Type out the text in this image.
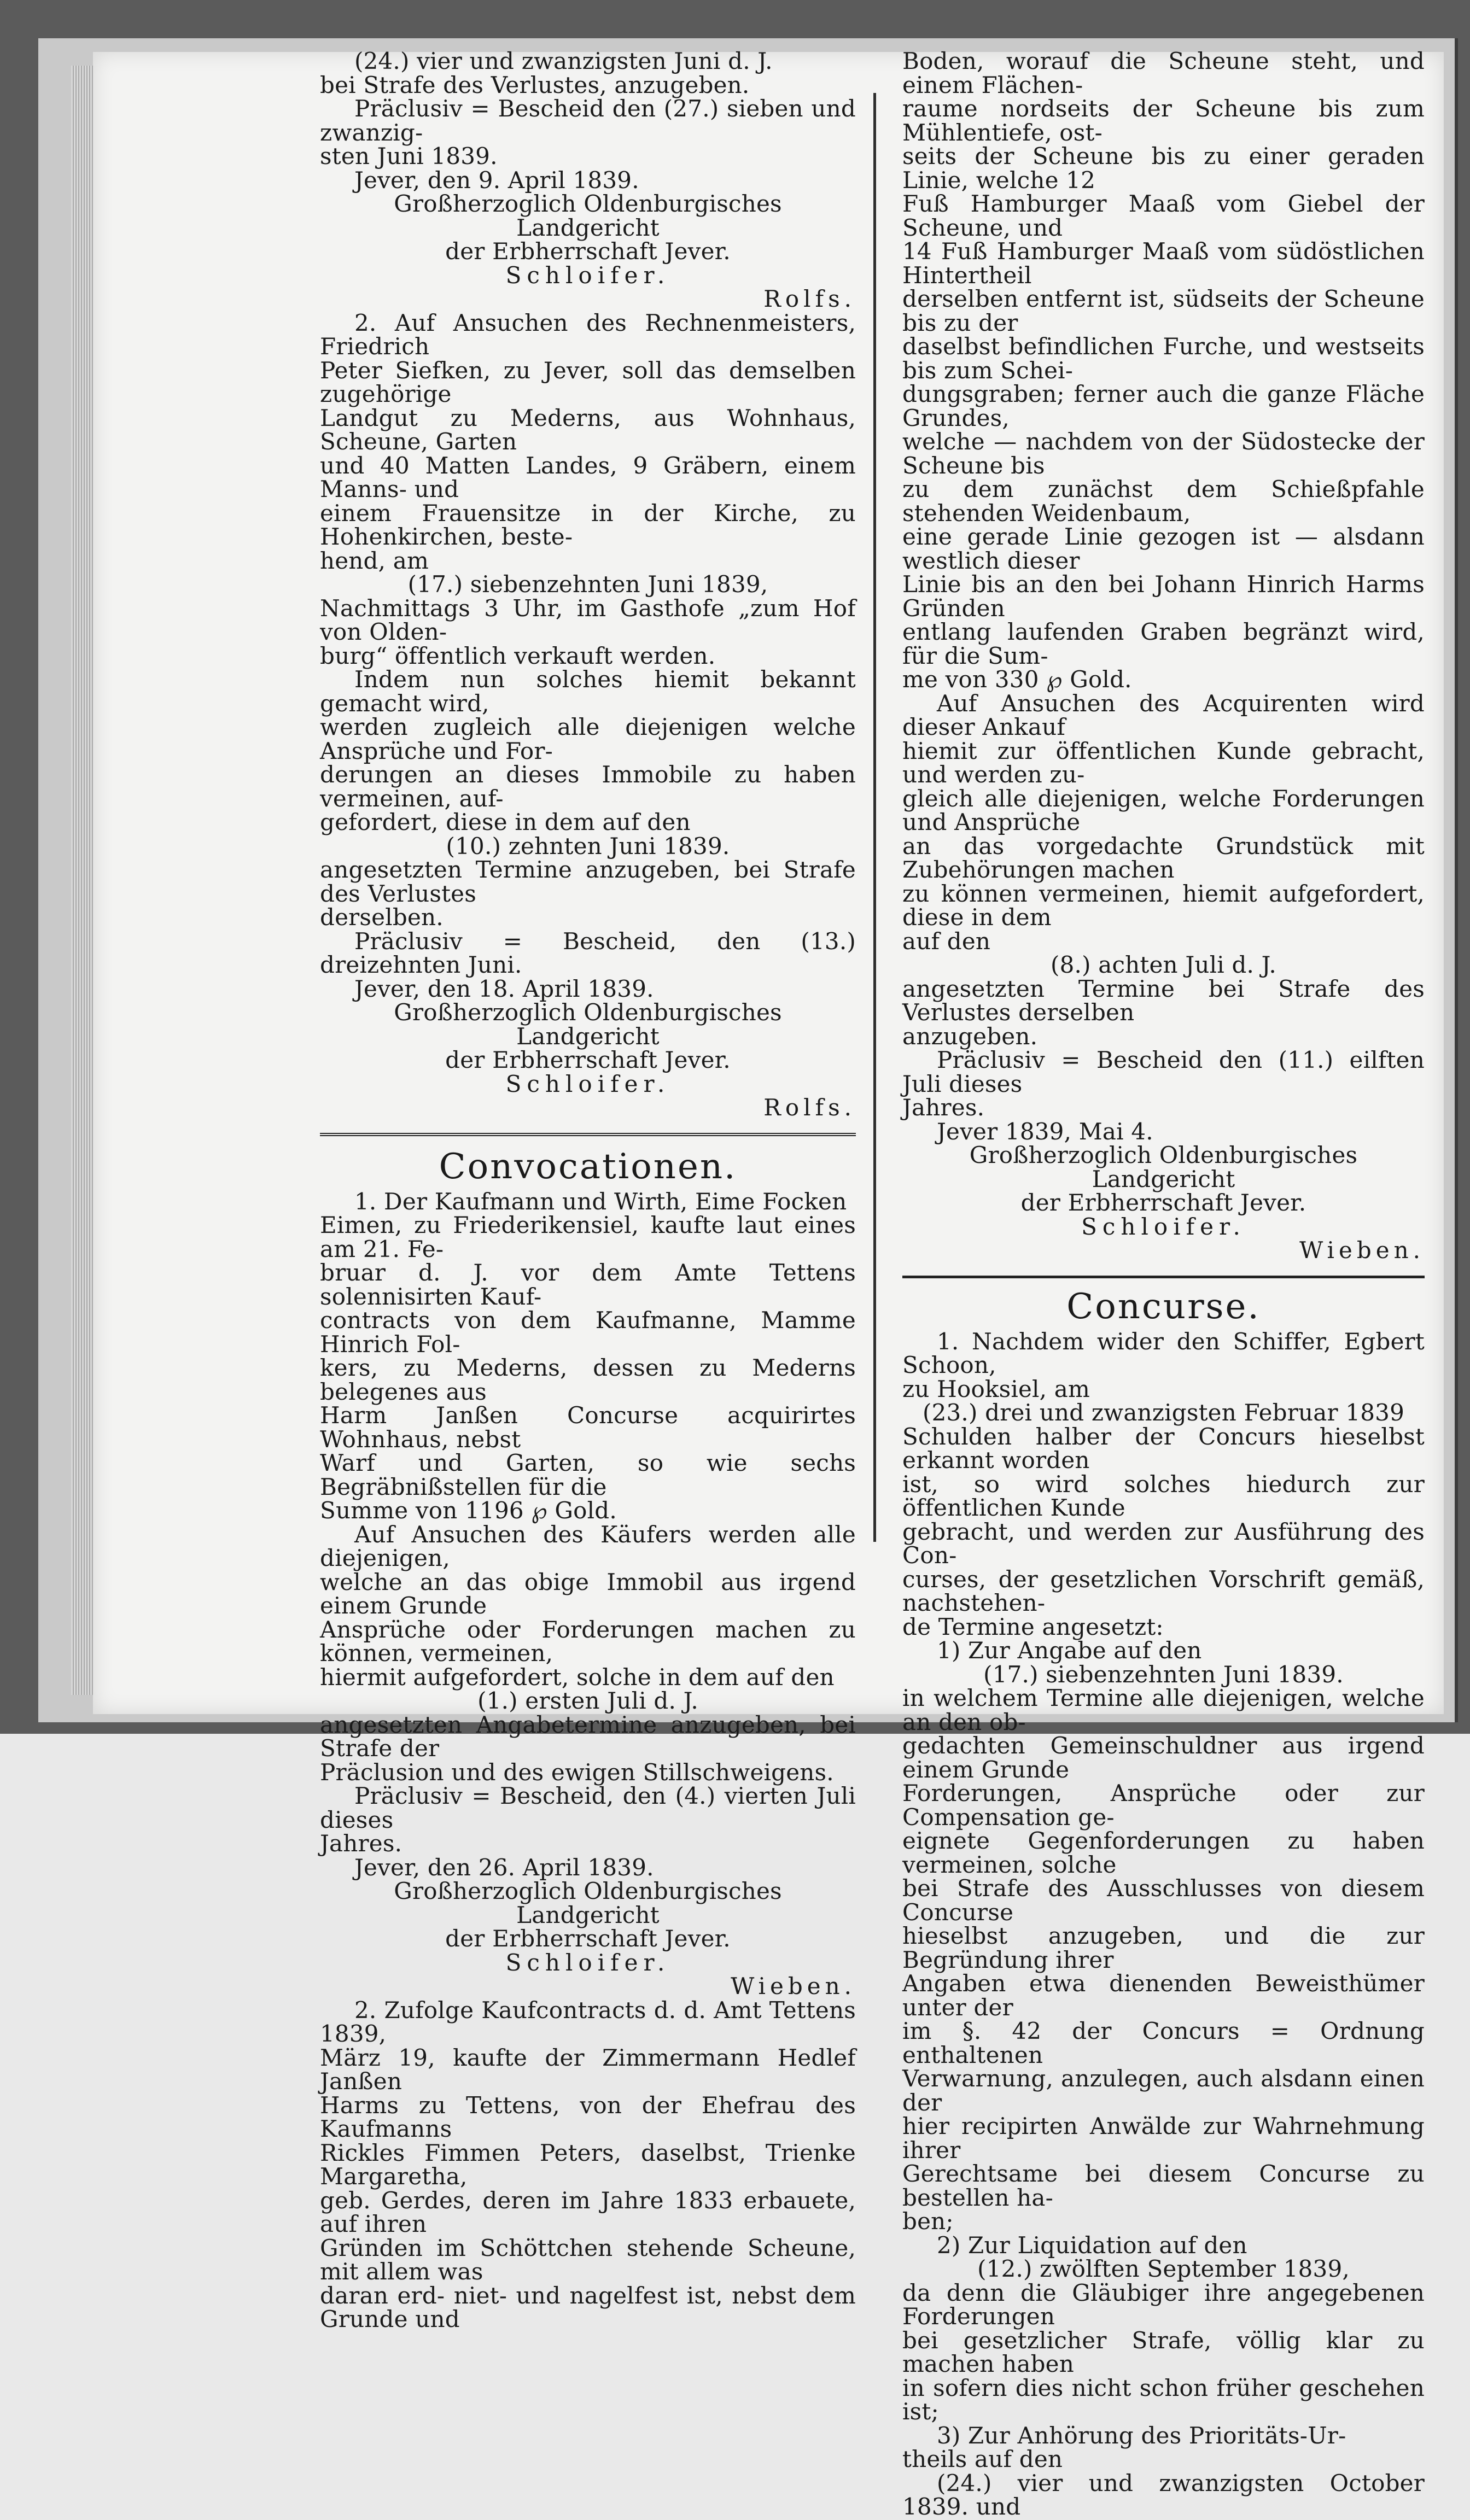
(24.) vier und zwanzigsten Juni d. J.

bei Strafe des Verlustes, anzugeben.

Präclusiv = Bescheid den (27.) sieben und zwanzig-

sten Juni 1839.

Jever, den 9. April 1839.

Großherzoglich Oldenburgisches Landgericht

der Erbherrschaft Jever.

Schloifer.

Rolfs.

2. Auf Ansuchen des Rechnenmeisters, Friedrich

Peter Siefken, zu Jever, soll das demselben zugehörige

Landgut zu Mederns, aus Wohnhaus, Scheune, Garten

und 40 Matten Landes, 9 Gräbern, einem Manns- und

einem Frauensitze in der Kirche, zu Hohenkirchen, beste-

hend, am

(17.) siebenzehnten Juni 1839,

Nachmittags 3 Uhr, im Gasthofe „zum Hof von Olden-

burg“ öffentlich verkauft werden.

Indem nun solches hiemit bekannt gemacht wird,

werden zugleich alle diejenigen welche Ansprüche und For-

derungen an dieses Immobile zu haben vermeinen, auf-

gefordert, diese in dem auf den

(10.) zehnten Juni 1839.

angesetzten Termine anzugeben, bei Strafe des Verlustes

derselben.

Präclusiv = Bescheid, den (13.) dreizehnten Juni.

Jever, den 18. April 1839.

Großherzoglich Oldenburgisches Landgericht

der Erbherrschaft Jever.

Schloifer.

Rolfs.

Convocationen.

1. Der Kaufmann und Wirth, Eime Focken

Eimen, zu Friederikensiel, kaufte laut eines am 21. Fe-

bruar d. J. vor dem Amte Tettens solennisirten Kauf-

contracts von dem Kaufmanne, Mamme Hinrich Fol-

kers, zu Mederns, dessen zu Mederns belegenes aus

Harm Janßen Concurse acquirirtes Wohnhaus, nebst

Warf und Garten, so wie sechs Begräbnißstellen für die

Summe von 1196 ℘ Gold.

Auf Ansuchen des Käufers werden alle diejenigen,

welche an das obige Immobil aus irgend einem Grunde

Ansprüche oder Forderungen machen zu können, vermeinen,

hiermit aufgefordert, solche in dem auf den

(1.) ersten Juli d. J.

angesetzten Angabetermine anzugeben, bei Strafe der

Präclusion und des ewigen Stillschweigens.

Präclusiv = Bescheid, den (4.) vierten Juli dieses

Jahres.

Jever, den 26. April 1839.

Großherzoglich Oldenburgisches Landgericht

der Erbherrschaft Jever.

Schloifer.

Wieben.

2. Zufolge Kaufcontracts d. d. Amt Tettens 1839,

März 19, kaufte der Zimmermann Hedlef Janßen

Harms zu Tettens, von der Ehefrau des Kaufmanns

Rickles Fimmen Peters, daselbst, Trienke Margaretha,

geb. Gerdes, deren im Jahre 1833 erbauete, auf ihren

Gründen im Schöttchen stehende Scheune, mit allem was

daran erd- niet- und nagelfest ist, nebst dem Grunde und

Boden, worauf die Scheune steht, und einem Flächen-

raume nordseits der Scheune bis zum Mühlentiefe, ost-

seits der Scheune bis zu einer geraden Linie, welche 12

Fuß Hamburger Maaß vom Giebel der Scheune, und

14 Fuß Hamburger Maaß vom südöstlichen Hintertheil

derselben entfernt ist, südseits der Scheune bis zu der

daselbst befindlichen Furche, und westseits bis zum Schei-

dungsgraben; ferner auch die ganze Fläche Grundes,

welche — nachdem von der Südostecke der Scheune bis

zu dem zunächst dem Schießpfahle stehenden Weidenbaum,

eine gerade Linie gezogen ist — alsdann westlich dieser

Linie bis an den bei Johann Hinrich Harms Gründen

entlang laufenden Graben begränzt wird, für die Sum-

me von 330 ℘ Gold.

Auf Ansuchen des Acquirenten wird dieser Ankauf

hiemit zur öffentlichen Kunde gebracht, und werden zu-

gleich alle diejenigen, welche Forderungen und Ansprüche

an das vorgedachte Grundstück mit Zubehörungen machen

zu können vermeinen, hiemit aufgefordert, diese in dem

auf den

(8.) achten Juli d. J.

angesetzten Termine bei Strafe des Verlustes derselben

anzugeben.

Präclusiv = Bescheid den (11.) eilften Juli dieses

Jahres.

Jever 1839, Mai 4.

Großherzoglich Oldenburgisches Landgericht

der Erbherrschaft Jever.

Schloifer.

Wieben.

Concurse.

1. Nachdem wider den Schiffer, Egbert Schoon,

zu Hooksiel, am

(23.) drei und zwanzigsten Februar 1839

Schulden halber der Concurs hieselbst erkannt worden

ist, so wird solches hiedurch zur öffentlichen Kunde

gebracht, und werden zur Ausführung des Con-

curses, der gesetzlichen Vorschrift gemäß, nachstehen-

de Termine angesetzt:

1) Zur Angabe auf den

(17.) siebenzehnten Juni 1839.

in welchem Termine alle diejenigen, welche an den ob-

gedachten Gemeinschuldner aus irgend einem Grunde

Forderungen, Ansprüche oder zur Compensation ge-

eignete Gegenforderungen zu haben vermeinen, solche

bei Strafe des Ausschlusses von diesem Concurse

hieselbst anzugeben, und die zur Begründung ihrer

Angaben etwa dienenden Beweisthümer unter der

im §. 42 der Concurs = Ordnung enthaltenen

Verwarnung, anzulegen, auch alsdann einen der

hier recipirten Anwälde zur Wahrnehmung ihrer

Gerechtsame bei diesem Concurse zu bestellen ha-

ben;

2) Zur Liquidation auf den

(12.) zwölften September 1839,

da denn die Gläubiger ihre angegebenen Forderungen

bei gesetzlicher Strafe, völlig klar zu machen haben

in sofern dies nicht schon früher geschehen ist;

3) Zur Anhörung des Prioritäts-Ur-

theils auf den

(24.) vier und zwanzigsten October 1839. und
